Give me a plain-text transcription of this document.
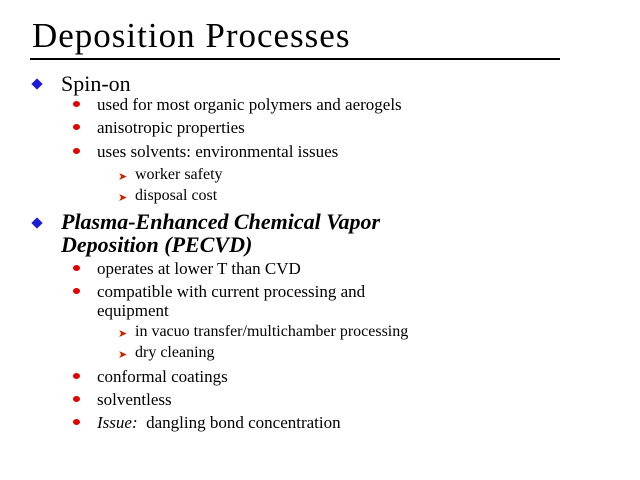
Deposition Processes
Spin-on
used for most organic polymers and aerogels
anisotropic properties
uses solvents: environmental issues
➤ worker safety
➤ disposal cost
Plasma-Enhanced Chemical Vapor
Deposition (PECVD)
operates at lower T than CVD
compatible with current processing and
equipment
➤ in vacuo transfer/multichamber processing
➤ dry cleaning
conformal coatings
solventless
Issue:  dangling bond concentration
